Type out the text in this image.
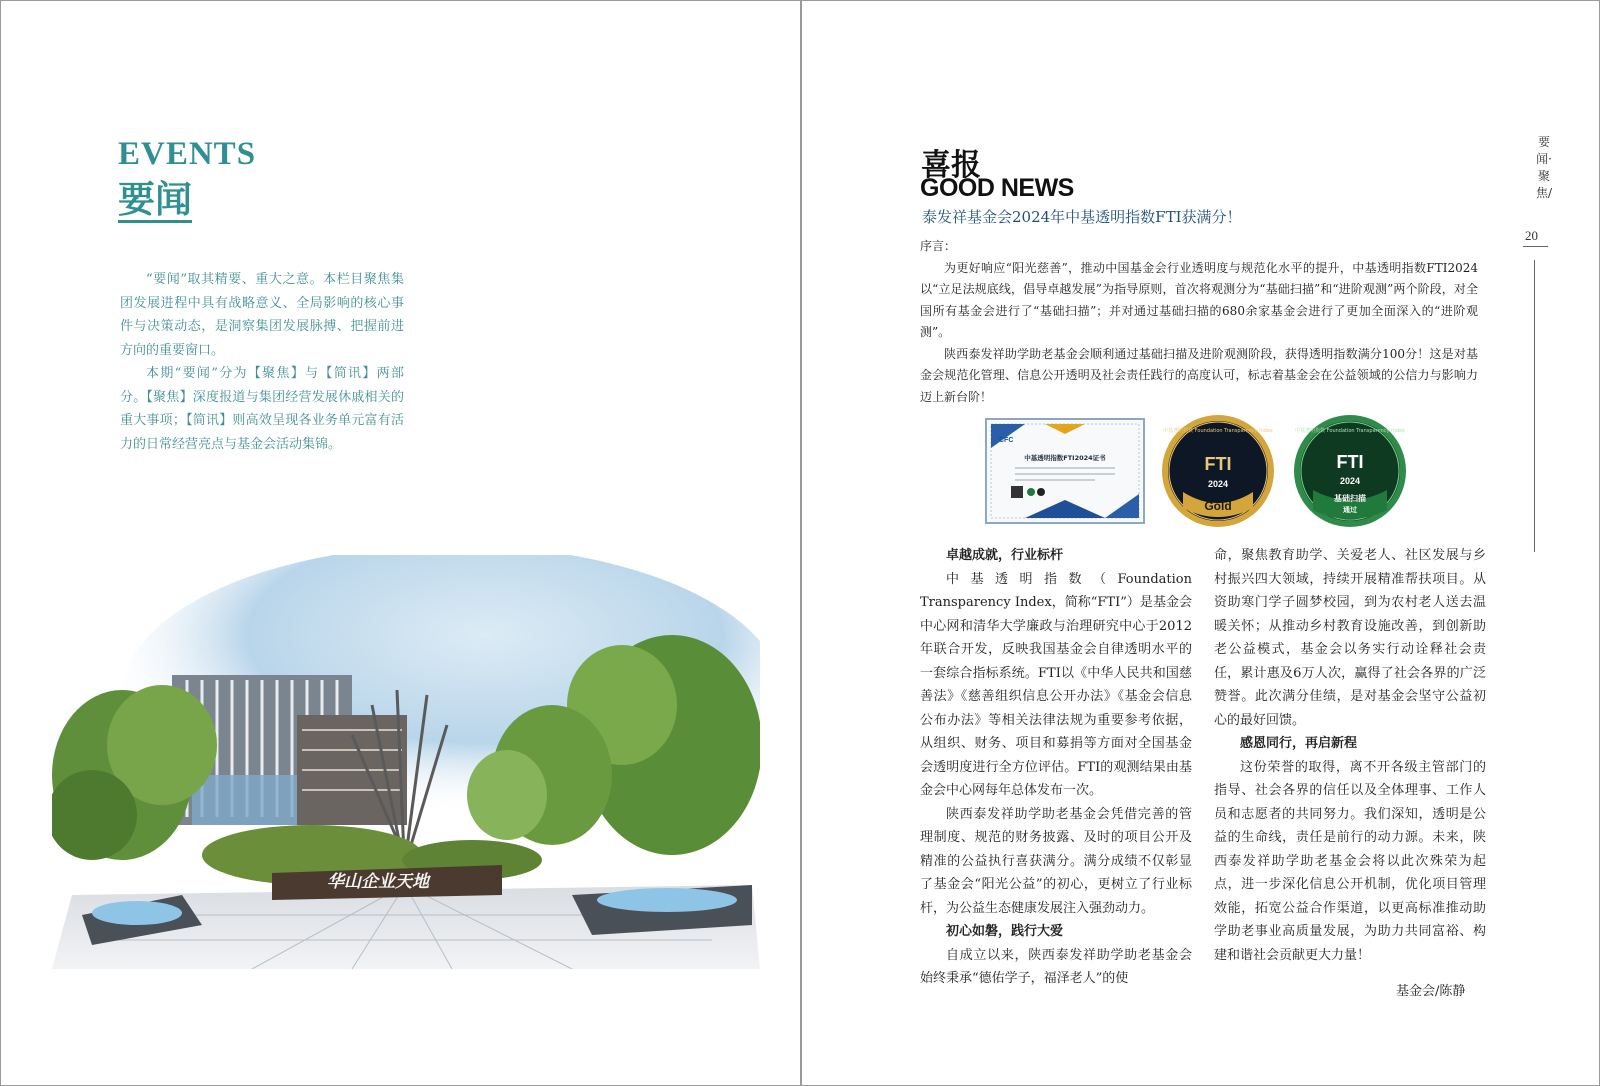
EVENTS
要闻

“要闻”取其精要、重大之意。本栏目聚焦集团发展进程中具有战略意义、全局影响的核心事件与决策动态，是洞察集团发展脉搏、把握前进方向的重要窗口。

本期“要闻”分为【聚焦】与【简讯】两部分。【聚焦】深度报道与集团经营发展休戚相关的重大事项；【简讯】则高效呈现各业务单元富有活力的日常经营亮点与基金会活动集锦。

华山企业天地
喜报
GOOD NEWS
泰发祥基金会2024年中基透明指数FTI获满分！
序言：

为更好响应“阳光慈善”，推动中国基金会行业透明度与规范化水平的提升，中基透明指数FTI2024以“立足法规底线，倡导卓越发展”为指导原则，首次将观测分为“基础扫描”和“进阶观测”两个阶段，对全国所有基金会进行了“基础扫描”；并对通过基础扫描的680余家基金会进行了更加全面深入的“进阶观测”。

陕西泰发祥助学助老基金会顺利通过基础扫描及进阶观测阶段，获得透明指数满分100分！这是对基金会规范化管理、信息公开透明及社会责任践行的高度认可，标志着基金会在公益领域的公信力与影响力迈上新台阶！

CFC
中基透明指数FTI2024证书
中基透明指数 Foundation Transparency Index
FTI
2024
Gold
中基透明指数 Foundation Transparency Index
FTI
2024
基础扫描
通过
卓越成就，行业标杆

中基透明指数（Foundation Transparency Index，简称“FTI”）是基金会中心网和清华大学廉政与治理研究中心于2012年联合开发，反映我国基金会自律透明水平的一套综合指标系统。FTI以《中华人民共和国慈善法》《慈善组织信息公开办法》《基金会信息公布办法》等相关法律法规为重要参考依据，从组织、财务、项目和募捐等方面对全国基金会透明度进行全方位评估。FTI的观测结果由基金会中心网每年总体发布一次。

陕西泰发祥助学助老基金会凭借完善的管理制度、规范的财务披露、及时的项目公开及精准的公益执行喜获满分。满分成绩不仅彰显了基金会“阳光公益”的初心，更树立了行业标杆，为公益生态健康发展注入强劲动力。

初心如磐，践行大爱

自成立以来，陕西泰发祥助学助老基金会始终秉承“德佑学子，福泽老人”的使

命，聚焦教育助学、关爱老人、社区发展与乡村振兴四大领域，持续开展精准帮扶项目。从资助寒门学子圆梦校园，到为农村老人送去温暖关怀；从推动乡村教育设施改善，到创新助老公益模式，基金会以务实行动诠释社会责任，累计惠及6万人次，赢得了社会各界的广泛赞誉。此次满分佳绩，是对基金会坚守公益初心的最好回馈。

感恩同行，再启新程

这份荣誉的取得，离不开各级主管部门的指导、社会各界的信任以及全体理事、工作人员和志愿者的共同努力。我们深知，透明是公益的生命线，责任是前行的动力源。未来，陕西泰发祥助学助老基金会将以此次殊荣为起点，进一步深化信息公开机制，优化项目管理效能，拓宽公益合作渠道，以更高标准推动助学助老事业高质量发展，为助力共同富裕、构建和谐社会贡献更大力量！

基金会/陈静
要闻·聚焦/
20
